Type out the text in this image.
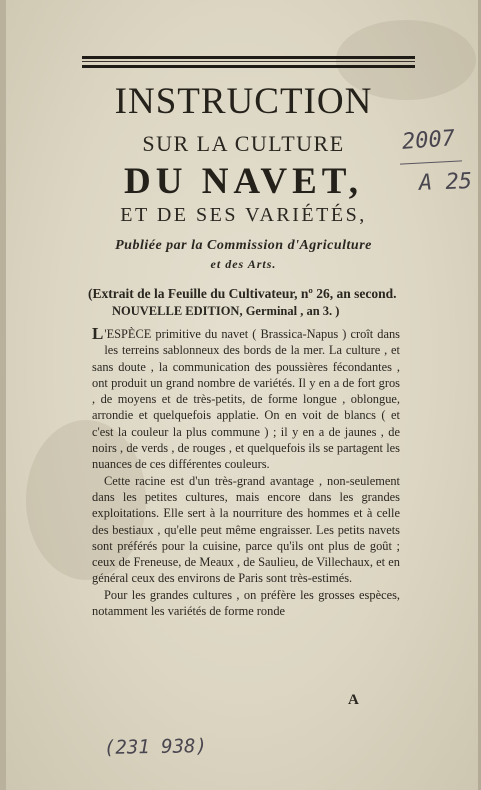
INSTRUCTION
SUR LA CULTURE
DU NAVET,
ET DE SES VARIÉTÉS,
Publiée par la Commission d'Agriculture
et des Arts.
(Extrait de la Feuille du Cultivateur, nº 26, an second.
NOUVELLE EDITION, Germinal , an 3. )

L 'ESPÈCE primitive du navet ( Brassica-Napus ) croît dans les terreins sablonneux des bords de la mer. La culture , et sans doute , la communication des poussières fécondantes , ont produit un grand nombre de variétés. Il y en a de fort gros , de moyens et de très-petits, de forme longue , oblongue, arrondie et quelquefois applatie. On en voit de blancs ( et c'est la couleur la plus commune ) ; il y en a de jaunes , de noirs , de verds , de rouges , et quelquefois ils se partagent les nuances de ces différentes couleurs.

Cette racine est d'un très-grand avantage , non-seulement dans les petites cultures, mais encore dans les grandes exploitations. Elle sert à la nourriture des hommes et à celle des bestiaux , qu'elle peut même engraisser. Les petits navets sont préférés pour la cuisine, parce qu'ils ont plus de goût ; ceux de Freneuse, de Meaux , de Saulieu, de Villechaux, et en général ceux des environs de Paris sont très-estimés.

Pour les grandes cultures , on préfère les grosses espèces, notamment les variétés de forme ronde

A
2007
A 25
(231 938)
